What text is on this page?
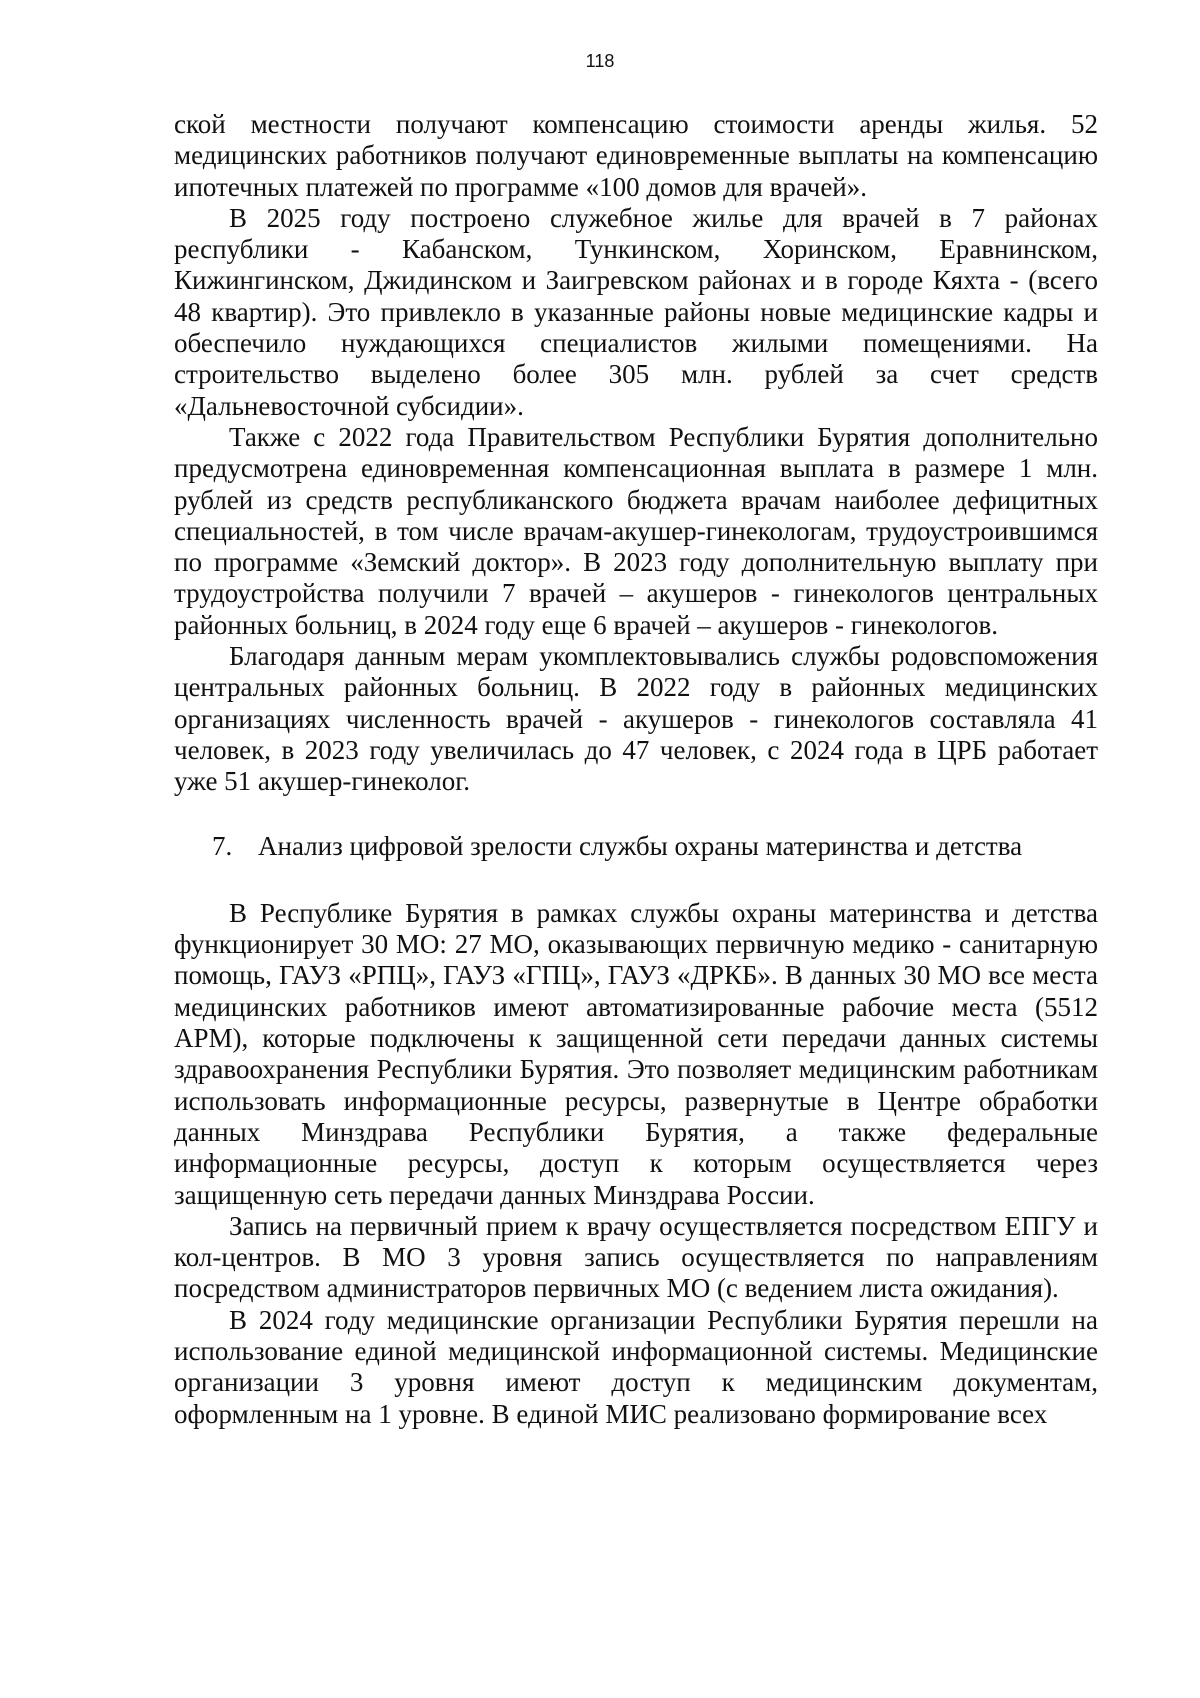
118

ской местности получают компенсацию стоимости аренды жилья. 52 медицинских работников получают единовременные выплаты на компенсацию ипотечных платежей по программе «100 домов для врачей».

В 2025 году построено служебное жилье для врачей в 7 районах республики - Кабанском, Тункинском, Хоринском, Еравнинском, Кижингинском, Джидинском и Заигревском районах и в городе Кяхта - (всего 48 квартир). Это привлекло в указанные районы новые медицинские кадры и обеспечило нуждающихся специалистов жилыми помещениями. На строительство выделено более 305 млн. рублей за счет средств «Дальневосточной субсидии».

Также с 2022 года Правительством Республики Бурятия дополнительно предусмотрена единовременная компенсационная выплата в размере 1 млн. рублей из средств республиканского бюджета врачам наиболее дефицитных специальностей, в том числе врачам-акушер-гинекологам, трудоустроившимся по программе «Земский доктор». В 2023 году дополнительную выплату при трудоустройства получили 7 врачей – акушеров - гинекологов центральных районных больниц, в 2024 году еще 6 врачей – акушеров - гинекологов.

Благодаря данным мерам укомплектовывались службы родовспоможения центральных районных больниц. В 2022 году в районных медицинских организациях численность врачей - акушеров - гинекологов составляла 41 человек, в 2023 году увеличилась до 47 человек, с 2024 года в ЦРБ работает уже 51 акушер-гинеколог.

7. Анализ цифровой зрелости службы охраны материнства и детства

В Республике Бурятия в рамках службы охраны материнства и детства функционирует 30 МО: 27 МО, оказывающих первичную медико - санитарную помощь, ГАУЗ «РПЦ», ГАУЗ «ГПЦ», ГАУЗ «ДРКБ». В данных 30 МО все места медицинских работников имеют автоматизированные рабочие места (5512 АРМ), которые подключены к защищенной сети передачи данных системы здравоохранения Республики Бурятия. Это позволяет медицинским работникам использовать информационные ресурсы, развернутые в Центре обработки данных Минздрава Республики Бурятия, а также федеральные информационные ресурсы, доступ к которым осуществляется через защищенную сеть передачи данных Минздрава России.

Запись на первичный прием к врачу осуществляется посредством ЕПГУ и кол-центров. В МО 3 уровня запись осуществляется по направлениям посредством администраторов первичных МО (с ведением листа ожидания).

В 2024 году медицинские организации Республики Бурятия перешли на использование единой медицинской информационной системы. Медицинские организации 3 уровня имеют доступ к медицинским документам, оформленным на 1 уровне. В единой МИС реализовано формирование всех
